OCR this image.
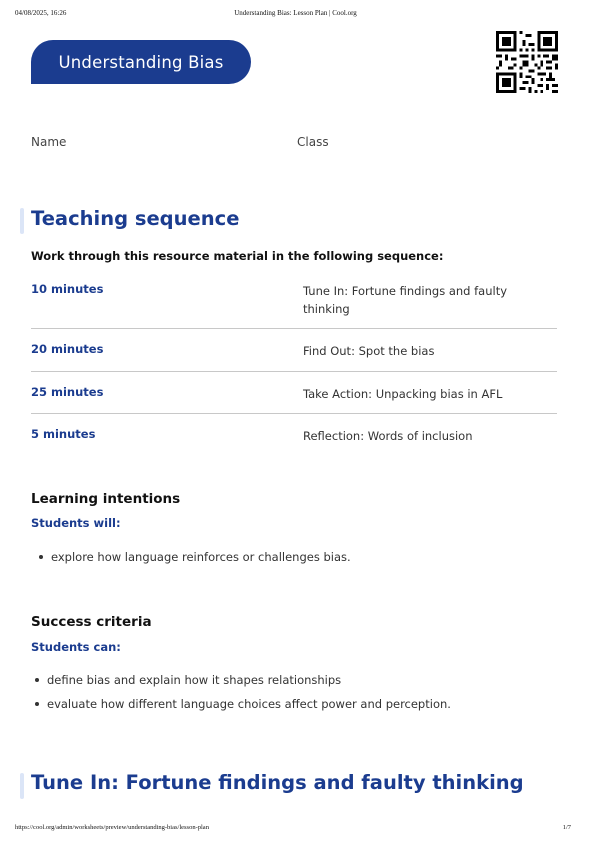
04/08/2025, 16:26	Understanding Bias: Lesson Plan | Cool.org
Understanding Bias
Name	Class
Teaching sequence
Work through this resource material in the following sequence:
10 minutes	Tune In: Fortune findings and faulty thinking
20 minutes	Find Out: Spot the bias
25 minutes	Take Action: Unpacking bias in AFL
5 minutes	Reflection: Words of inclusion
Learning intentions
Students will:
explore how language reinforces or challenges bias.
Success criteria
Students can:
define bias and explain how it shapes relationships
evaluate how different language choices affect power and perception.
Tune In: Fortune findings and faulty thinking
https://cool.org/admin/worksheets/preview/understanding-bias/lesson-plan	1/7
